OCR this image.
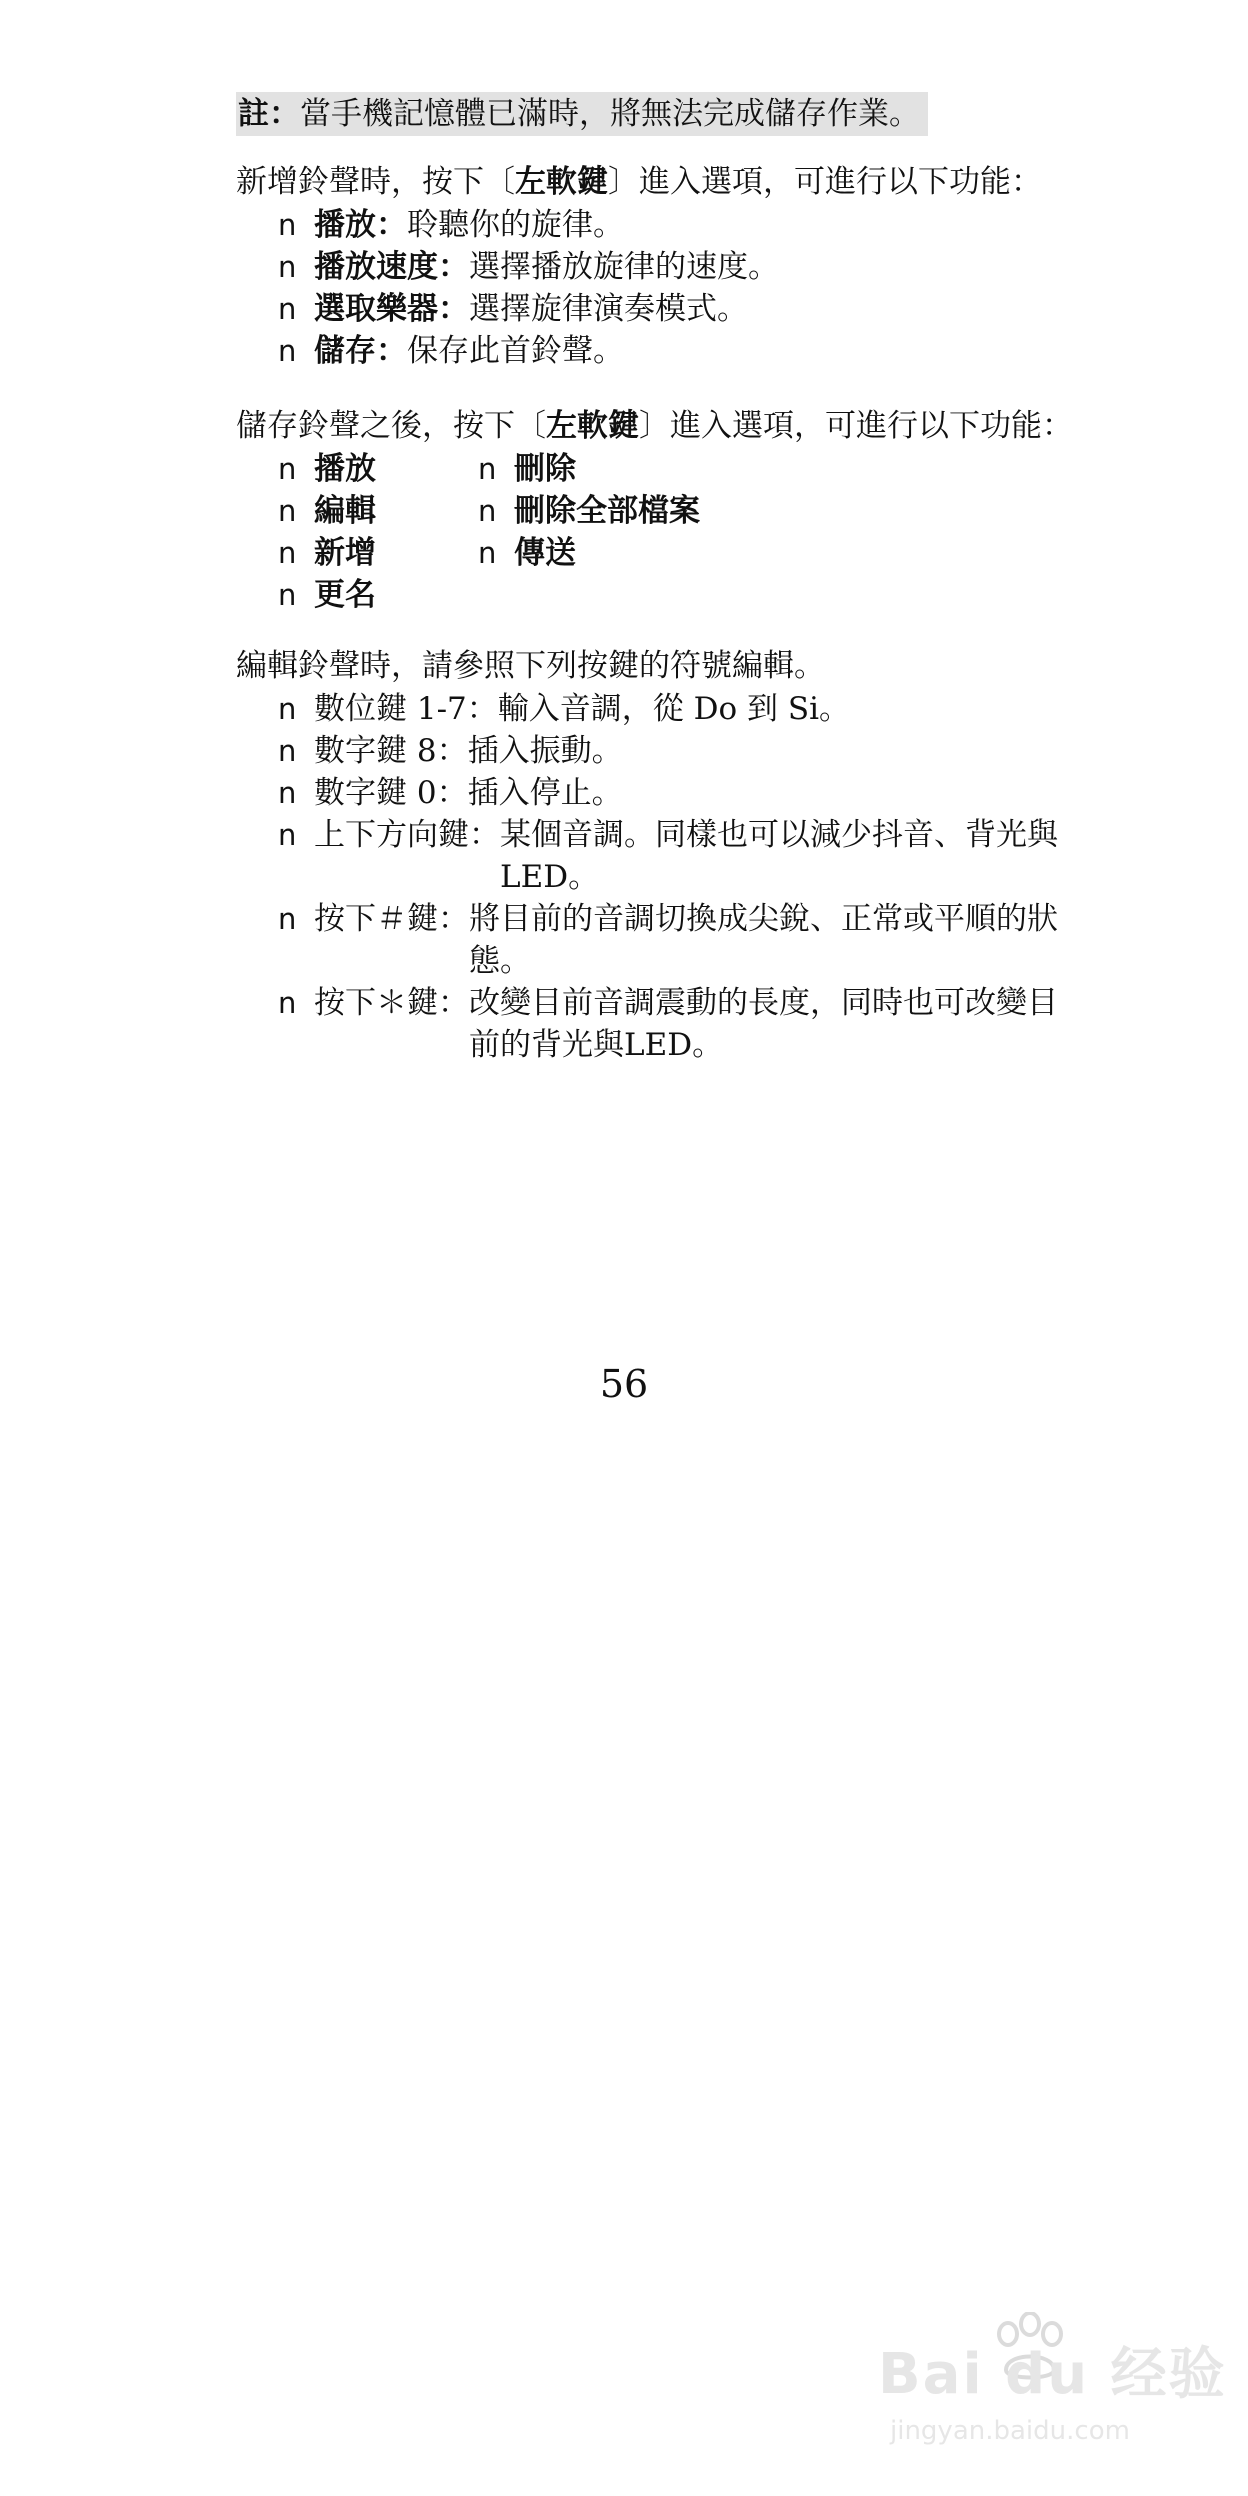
註：當手機記憶體已滿時，將無法完成儲存作業。
新增鈴聲時，按下〔左軟鍵〕進入選項，可進行以下功能：
n 播放：聆聽你的旋律。
n 播放速度：選擇播放旋律的速度。
n 選取樂器：選擇旋律演奏模式。
n 儲存：保存此首鈴聲。
儲存鈴聲之後，按下〔左軟鍵〕進入選項，可進行以下功能：
n 播放	n 刪除
n 編輯	n 刪除全部檔案
n 新增	n 傳送
n 更名
編輯鈴聲時，請參照下列按鍵的符號編輯。
n 數位鍵 1-7： 輸入音調，從 Do 到 Si。
n 數字鍵 8： 插入振動。
n 數字鍵 0： 插入停止。
n 上下方向鍵： 某個音調。同樣也可以減少抖音、背光與LED。
n 按下＃鍵： 將目前的音調切換成尖銳、正常或平順的狀態。
n 按下＊鍵： 改變目前音調震動的長度，同時也可改變目前的背光與LED。
56
Bai du 经验
jingyan.baidu.com
